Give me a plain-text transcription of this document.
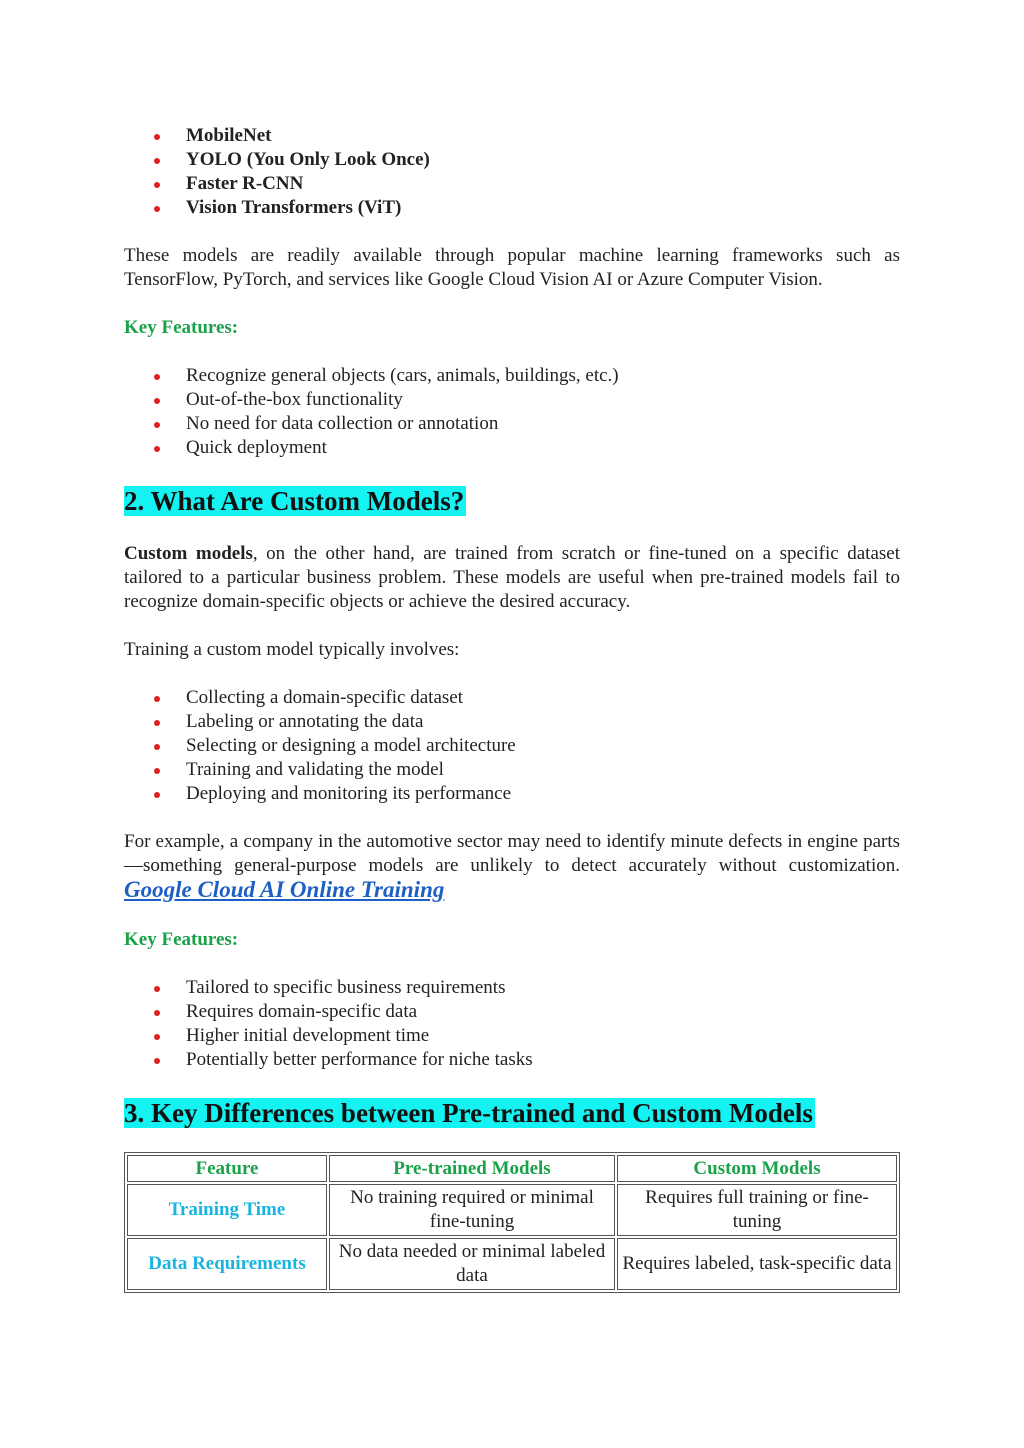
MobileNet
YOLO (You Only Look Once)
Faster R-CNN
Vision Transformers (ViT)

These models are readily available through popular machine learning frameworks such as TensorFlow, PyTorch, and services like Google Cloud Vision AI or Azure Computer Vision.

Key Features:
Recognize general objects (cars, animals, buildings, etc.)
Out-of-the-box functionality
No need for data collection or annotation
Quick deployment
2. What Are Custom Models?

Custom models, on the other hand, are trained from scratch or fine-tuned on a specific dataset tailored to a particular business problem. These models are useful when pre-trained models fail to recognize domain-specific objects or achieve the desired accuracy.

Training a custom model typically involves:

Collecting a domain-specific dataset
Labeling or annotating the data
Selecting or designing a model architecture
Training and validating the model
Deploying and monitoring its performance

For example, a company in the automotive sector may need to identify minute defects in engine parts—something general-purpose models are unlikely to detect accurately without customization. Google Cloud AI Online Training

Key Features:
Tailored to specific business requirements
Requires domain-specific data
Higher initial development time
Potentially better performance for niche tasks
3. Key Differences between Pre-trained and Custom Models
Feature	Pre-trained Models	Custom Models
Training Time	No training required or minimal fine-tuning	Requires full training or fine-tuning
Data Requirements	No data needed or minimal labeled data	Requires labeled, task-specific data
